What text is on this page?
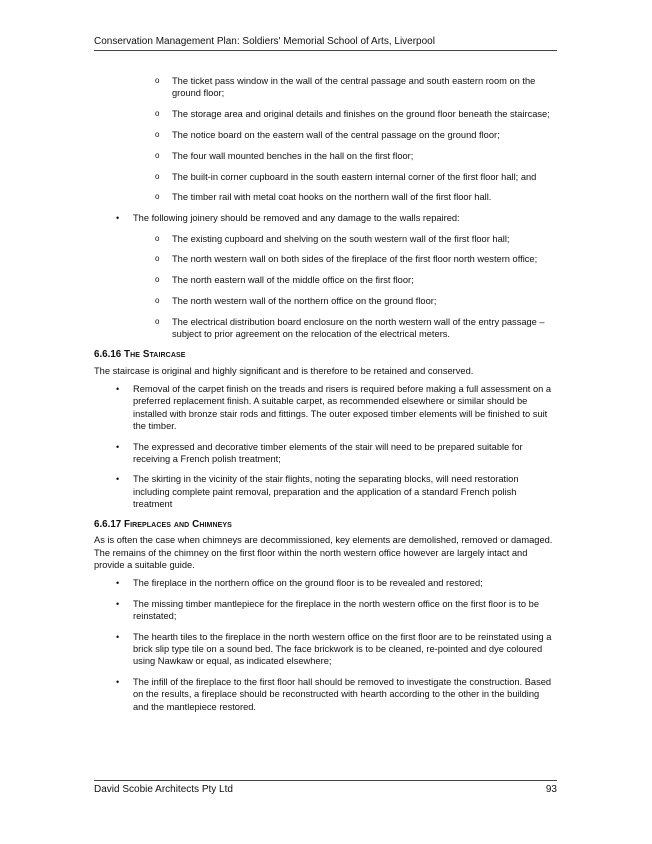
Conservation Management Plan: Soldiers' Memorial School of Arts, Liverpool
o The ticket pass window in the wall of the central passage and south eastern room on the ground floor;
o The storage area and original details and finishes on the ground floor beneath the staircase;
o The notice board on the eastern wall of the central passage on the ground floor;
o The four wall mounted benches in the hall on the first floor;
o The built-in corner cupboard in the south eastern internal corner of the first floor hall; and
o The timber rail with metal coat hooks on the northern wall of the first floor hall.
• The following joinery should be removed and any damage to the walls repaired:
o The existing cupboard and shelving on the south western wall of the first floor hall;
o The north western wall on both sides of the fireplace of the first floor north western office;
o The north eastern wall of the middle office on the first floor;
o The north western wall of the northern office on the ground floor;
o The electrical distribution board enclosure on the north western wall of the entry passage – subject to prior agreement on the relocation of the electrical meters.
6.6.16 The Staircase

The staircase is original and highly significant and is therefore to be retained and conserved.

• Removal of the carpet finish on the treads and risers is required before making a full assessment on a preferred replacement finish. A suitable carpet, as recommended elsewhere or similar should be installed with bronze stair rods and fittings. The outer exposed timber elements will be finished to suit the timber.
• The expressed and decorative timber elements of the stair will need to be prepared suitable for receiving a French polish treatment;
• The skirting in the vicinity of the stair flights, noting the separating blocks, will need restoration including complete paint removal, preparation and the application of a standard French polish treatment
6.6.17 Fireplaces and Chimneys

As is often the case when chimneys are decommissioned, key elements are demolished, removed or damaged. The remains of the chimney on the first floor within the north western office however are largely intact and provide a suitable guide.

• The fireplace in the northern office on the ground floor is to be revealed and restored;
• The missing timber mantlepiece for the fireplace in the north western office on the first floor is to be reinstated;
• The hearth tiles to the fireplace in the north western office on the first floor are to be reinstated using a brick slip type tile on a sound bed. The face brickwork is to be cleaned, re-pointed and dye coloured using Nawkaw or equal, as indicated elsewhere;
• The infill of the fireplace to the first floor hall should be removed to investigate the construction. Based on the results, a fireplace should be reconstructed with hearth according to the other in the building and the mantlepiece restored.
David Scobie Architects Pty Ltd	93
